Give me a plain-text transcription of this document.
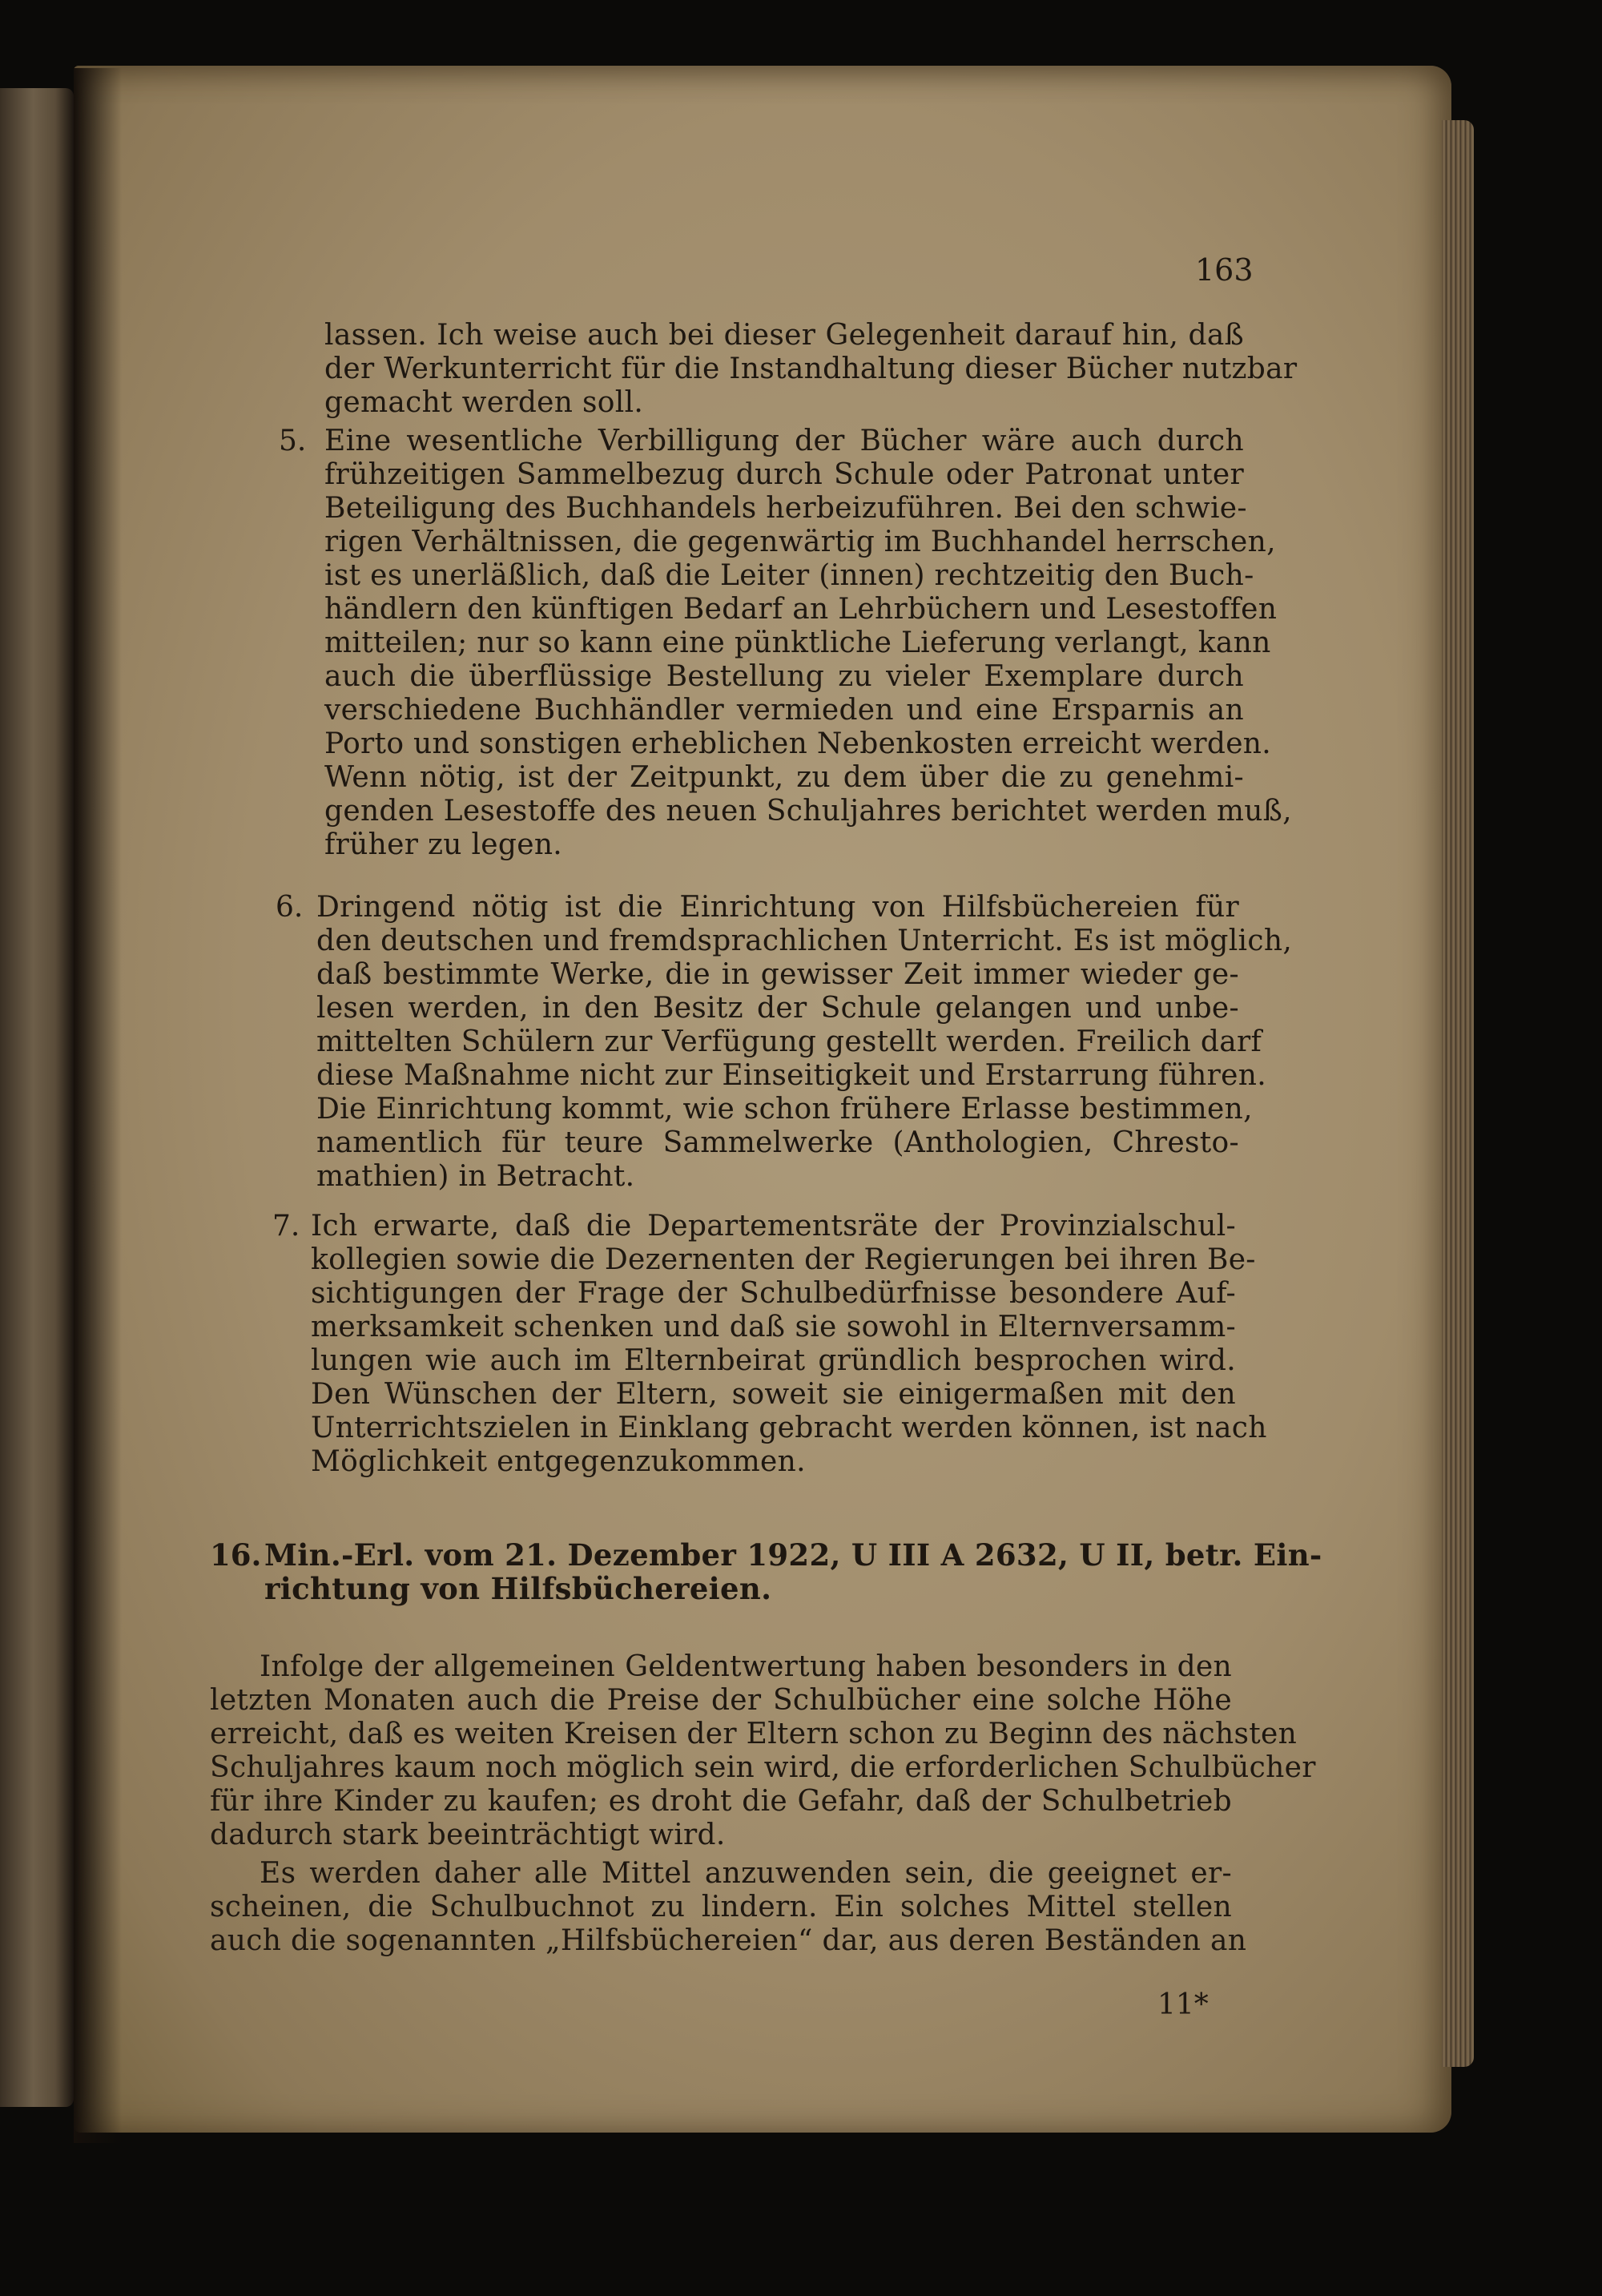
163
lassen. Ich weise auch bei dieser Gelegenheit darauf hin, daß
der Werkunterricht für die Instandhaltung dieser Bücher nutzbar
gemacht werden soll.
5. Eine wesentliche Verbilligung der Bücher wäre auch durch
frühzeitigen Sammelbezug durch Schule oder Patronat unter
Beteiligung des Buchhandels herbeizuführen. Bei den schwie-
rigen Verhältnissen, die gegenwärtig im Buchhandel herrschen,
ist es unerläßlich, daß die Leiter (innen) rechtzeitig den Buch-
händlern den künftigen Bedarf an Lehrbüchern und Lesestoffen
mitteilen; nur so kann eine pünktliche Lieferung verlangt, kann
auch die überflüssige Bestellung zu vieler Exemplare durch
verschiedene Buchhändler vermieden und eine Ersparnis an
Porto und sonstigen erheblichen Nebenkosten erreicht werden.
Wenn nötig, ist der Zeitpunkt, zu dem über die zu genehmi-
genden Lesestoffe des neuen Schuljahres berichtet werden muß,
früher zu legen.
6. Dringend nötig ist die Einrichtung von Hilfsbüchereien für
den deutschen und fremdsprachlichen Unterricht. Es ist möglich,
daß bestimmte Werke, die in gewisser Zeit immer wieder ge-
lesen werden, in den Besitz der Schule gelangen und unbe-
mittelten Schülern zur Verfügung gestellt werden. Freilich darf
diese Maßnahme nicht zur Einseitigkeit und Erstarrung führen.
Die Einrichtung kommt, wie schon frühere Erlasse bestimmen,
namentlich für teure Sammelwerke (Anthologien, Chresto-
mathien) in Betracht.
7. Ich erwarte, daß die Departementsräte der Provinzialschul-
kollegien sowie die Dezernenten der Regierungen bei ihren Be-
sichtigungen der Frage der Schulbedürfnisse besondere Auf-
merksamkeit schenken und daß sie sowohl in Elternversamm-
lungen wie auch im Elternbeirat gründlich besprochen wird.
Den Wünschen der Eltern, soweit sie einigermaßen mit den
Unterrichtszielen in Einklang gebracht werden können, ist nach
Möglichkeit entgegenzukommen.
16. Min.-Erl. vom 21. Dezember 1922, U III A 2632, U II, betr. Ein-
richtung von Hilfsbüchereien.
Infolge der allgemeinen Geldentwertung haben besonders in den
letzten Monaten auch die Preise der Schulbücher eine solche Höhe
erreicht, daß es weiten Kreisen der Eltern schon zu Beginn des nächsten
Schuljahres kaum noch möglich sein wird, die erforderlichen Schulbücher
für ihre Kinder zu kaufen; es droht die Gefahr, daß der Schulbetrieb
dadurch stark beeinträchtigt wird.
Es werden daher alle Mittel anzuwenden sein, die geeignet er-
scheinen, die Schulbuchnot zu lindern. Ein solches Mittel stellen
auch die sogenannten „Hilfsbüchereien“ dar, aus deren Beständen an
11*
